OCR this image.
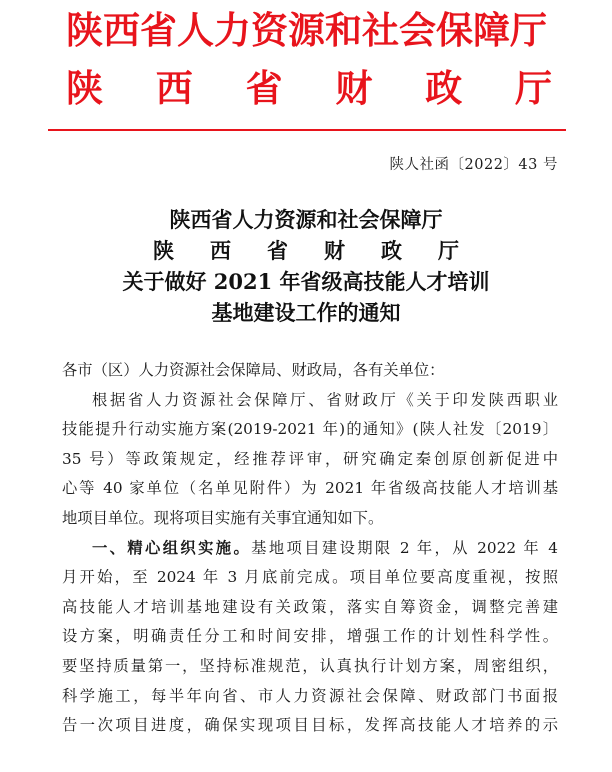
陕西省人力资源和社会保障厅
陕 西 省 财 政 厅
陕人社函〔2022〕43 号
陕西省人力资源和社会保障厅
陕 西 省 财 政 厅
关于做好 2021 年省级高技能人才培训
基地建设工作的通知
各市（区）人力资源社会保障局、财政局，各有关单位：
根据省人力资源社会保障厅、省财政厅《关于印发陕西职业
技能提升行动实施方案(2019-2021 年)的通知》(陕人社发〔2019〕
35 号）等政策规定，经推荐评审，研究确定秦创原创新促进中
心等 40 家单位（名单见附件）为 2021 年省级高技能人才培训基
地项目单位。现将项目实施有关事宜通知如下。
一、精心组织实施。基地项目建设期限 2 年，从 2022 年 4
月开始，至 2024 年 3 月底前完成。项目单位要高度重视，按照
高技能人才培训基地建设有关政策，落实自筹资金，调整完善建
设方案，明确责任分工和时间安排，增强工作的计划性科学性。
要坚持质量第一，坚持标准规范，认真执行计划方案，周密组织，
科学施工，每半年向省、市人力资源社会保障、财政部门书面报
告一次项目进度，确保实现项目目标，发挥高技能人才培养的示
